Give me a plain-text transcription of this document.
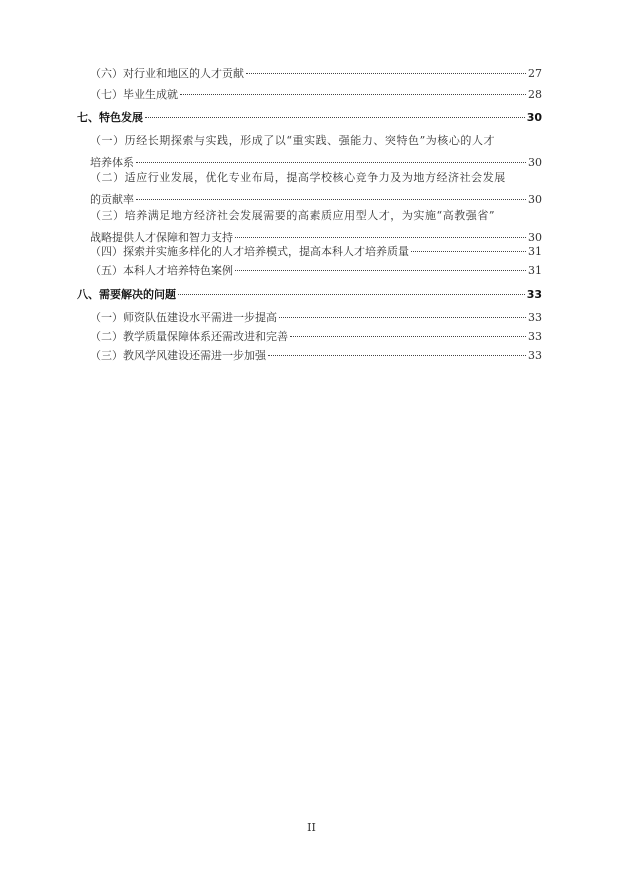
（六）对行业和地区的人才贡献	27
（七）毕业生成就	28
七、特色发展	30
（一）历经长期探索与实践，形成了以“重实践、强能力、突特色”为核心的人才
培养体系	30
（二）适应行业发展，优化专业布局，提高学校核心竞争力及为地方经济社会发展
的贡献率	30
（三）培养满足地方经济社会发展需要的高素质应用型人才，为实施“高教强省”
战略提供人才保障和智力支持	30
（四）探索并实施多样化的人才培养模式，提高本科人才培养质量	31
（五）本科人才培养特色案例	31
八、需要解决的问题	33
（一）师资队伍建设水平需进一步提高	33
（二）教学质量保障体系还需改进和完善	33
（三）教风学风建设还需进一步加强	33
II
